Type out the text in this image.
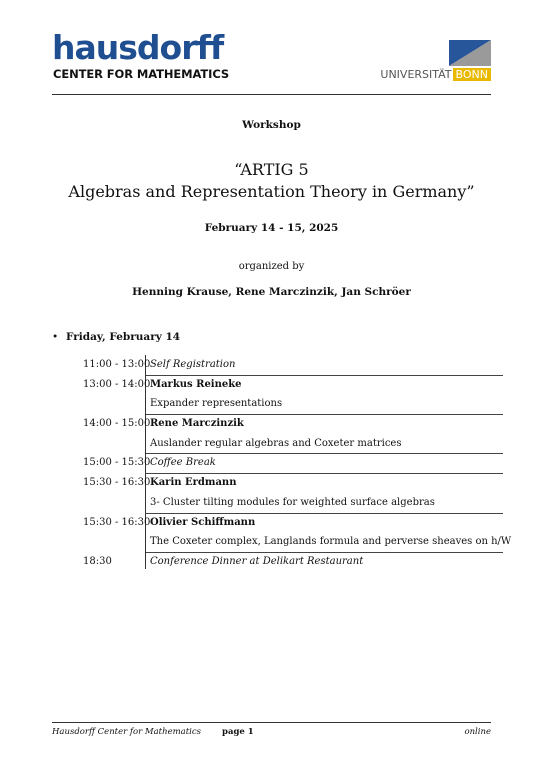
hausdorff
CENTER FOR MATHEMATICS	UNIVERSITÄT BONN
Workshop
“ARTIG 5
Algebras and Representation Theory in Germany”
February 14 - 15, 2025
organized by
Henning Krause, Rene Marczinzik, Jan Schröer
• Friday, February 14
11:00 - 13:00 Self Registration
13:00 - 14:00 Markus Reineke
Expander representations
14:00 - 15:00 Rene Marczinzik
Auslander regular algebras and Coxeter matrices
15:00 - 15:30 Coffee Break
15:30 - 16:30 Karin Erdmann
3- Cluster tilting modules for weighted surface algebras
15:30 - 16:30 Olivier Schiffmann
The Coxeter complex, Langlands formula and perverse sheaves on h/W
18:30	Conference Dinner at Delikart Restaurant
Hausdorff Center for Mathematics page 1	online
